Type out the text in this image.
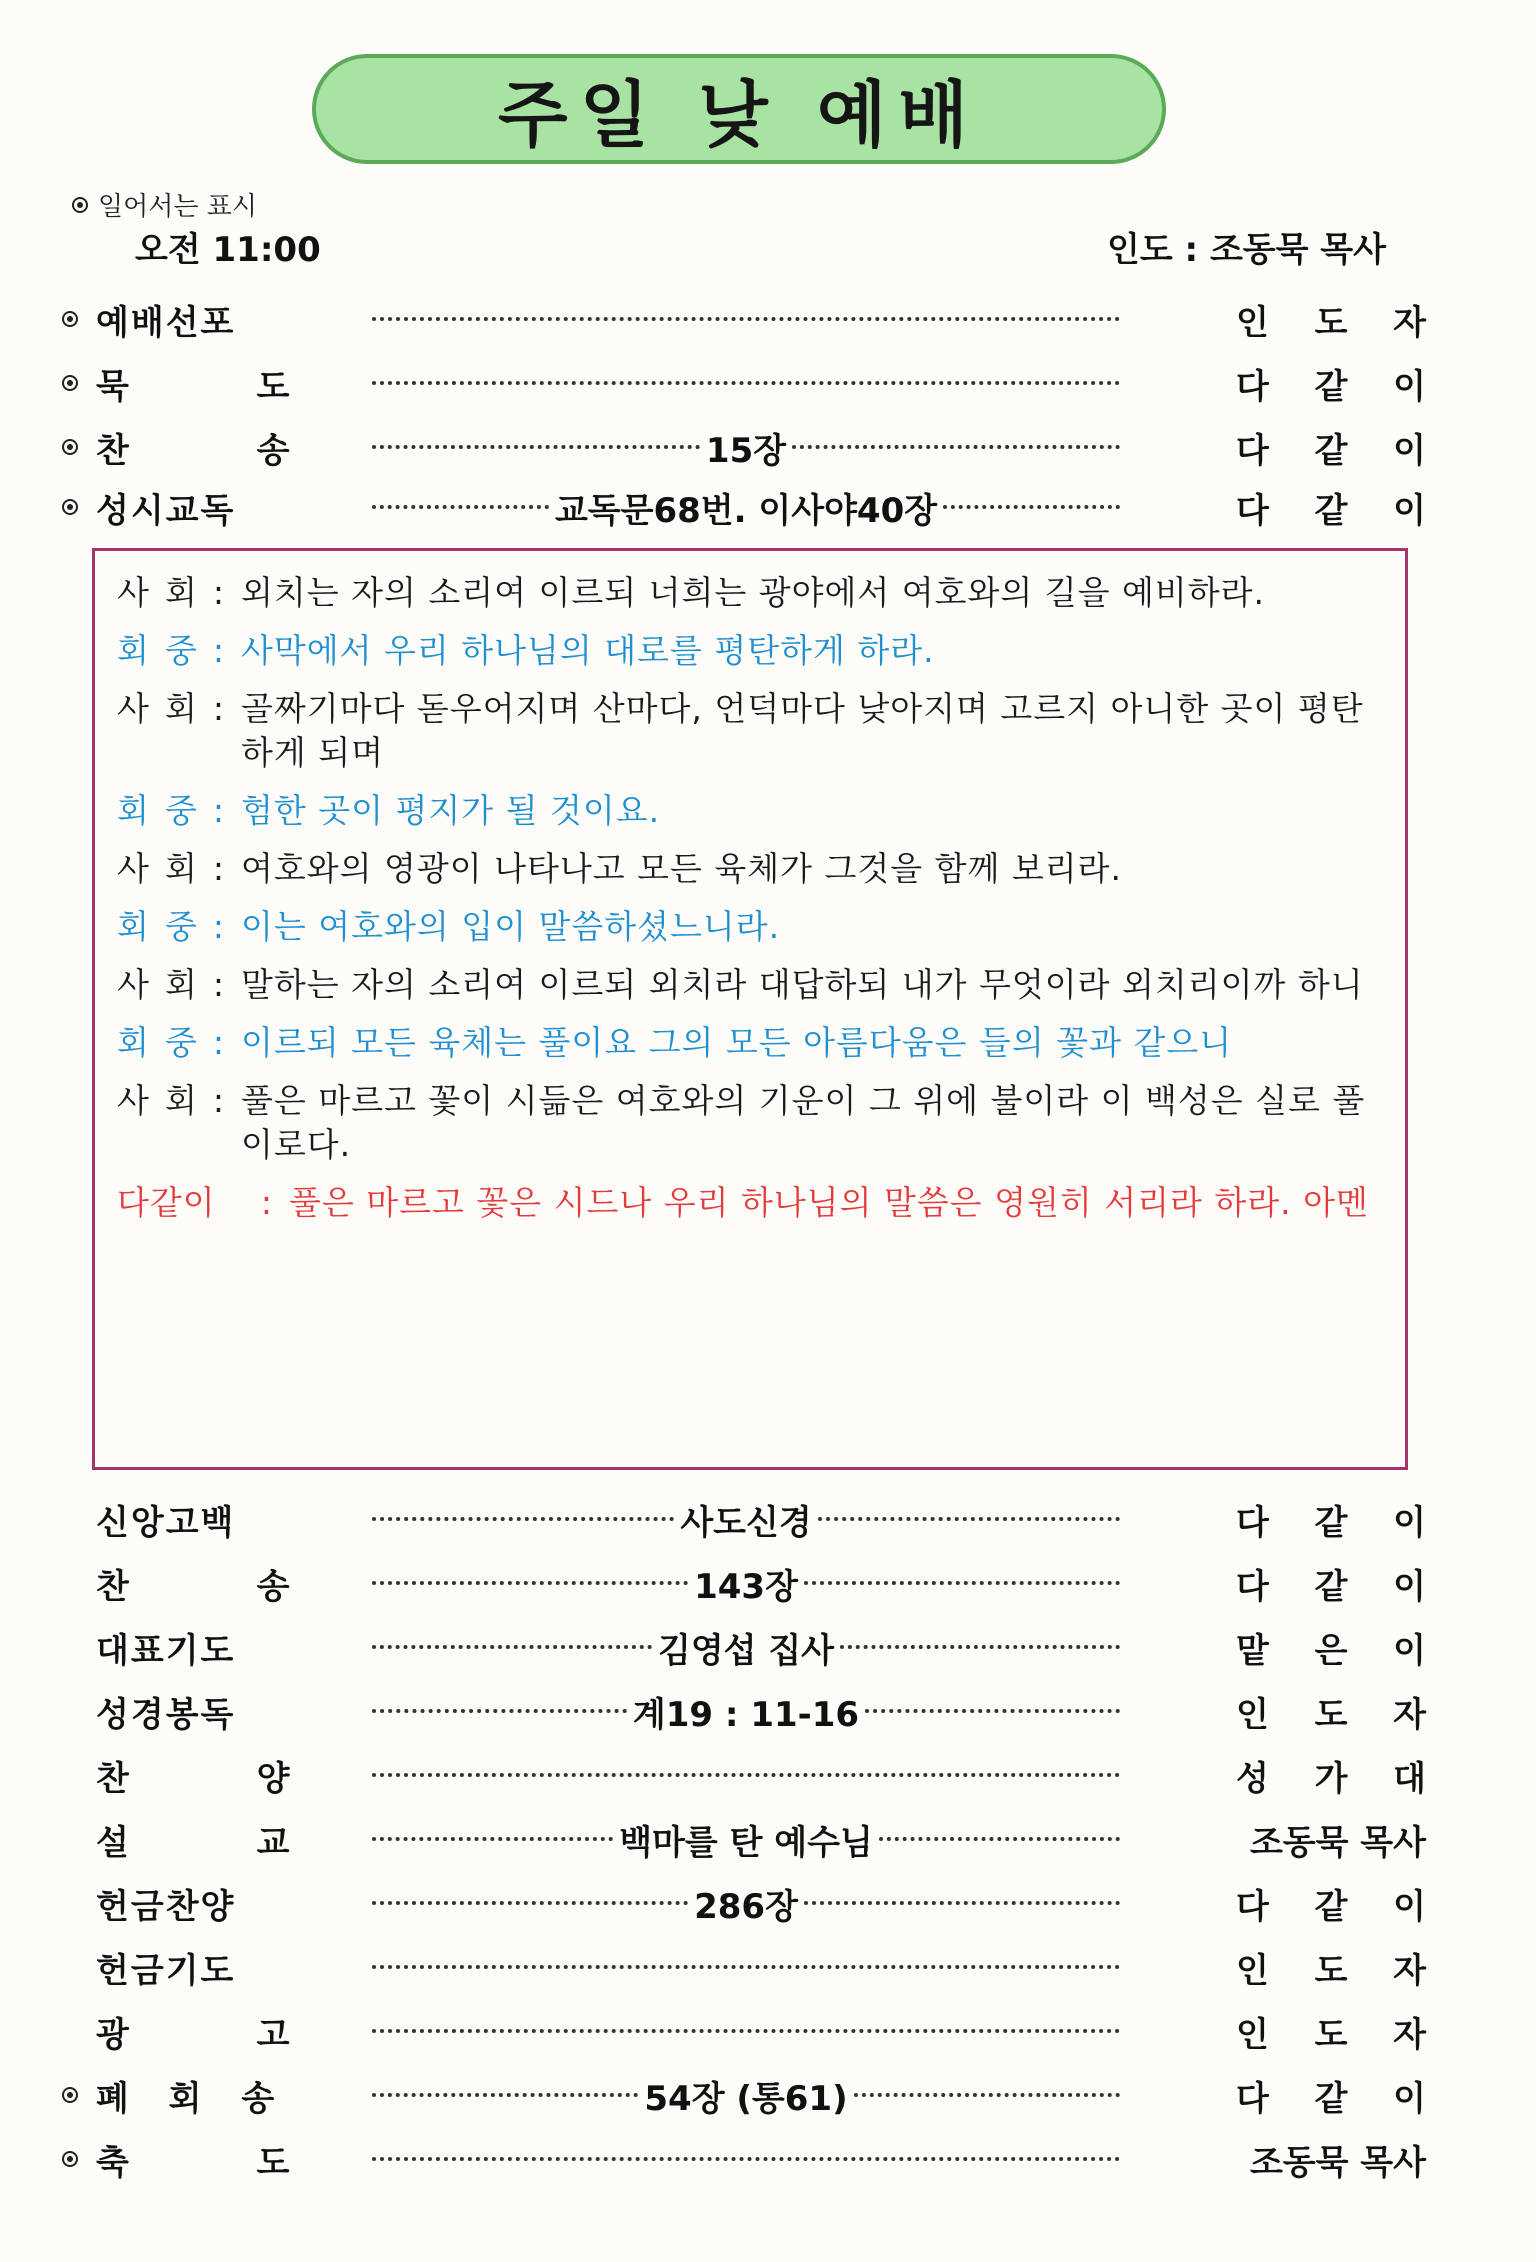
주일 낮 예배
일어서는 표시
오전 11:00	인도 : 조동묵 목사
예배선포	인 도 자
묵 도	다 같 이
찬 송	15장	다 같 이
성시교독	교독문68번. 이사야40장	다 같 이
사 회 : 외치는 자의 소리여 이르되 너희는 광야에서 여호와의 길을 예비하라.
회 중 : 사막에서 우리 하나님의 대로를 평탄하게 하라.
사 회 : 골짜기마다 돋우어지며 산마다, 언덕마다 낮아지며 고르지 아니한 곳이 평탄하게 되며
회 중 : 험한 곳이 평지가 될 것이요.
사 회 : 여호와의 영광이 나타나고 모든 육체가 그것을 함께 보리라.
회 중 : 이는 여호와의 입이 말씀하셨느니라.
사 회 : 말하는 자의 소리여 이르되 외치라 대답하되 내가 무엇이라 외치리이까 하니
회 중 : 이르되 모든 육체는 풀이요 그의 모든 아름다움은 들의 꽃과 같으니
사 회 : 풀은 마르고 꽃이 시듦은 여호와의 기운이 그 위에 불이라 이 백성은 실로 풀이로다.
다같이 : 풀은 마르고 꽃은 시드나 우리 하나님의 말씀은 영원히 서리라 하라. 아멘
신앙고백	사도신경	다 같 이
찬 송	143장	다 같 이
대표기도	김영섭 집사	맡 은 이
성경봉독	계19 : 11-16	인 도 자
찬 양	성 가 대
설 교	백마를 탄 예수님	조동묵 목사
헌금찬양	286장	다 같 이
헌금기도	인 도 자
광 고	인 도 자
폐 회 송	54장 (통61)	다 같 이
축 도	조동묵 목사
